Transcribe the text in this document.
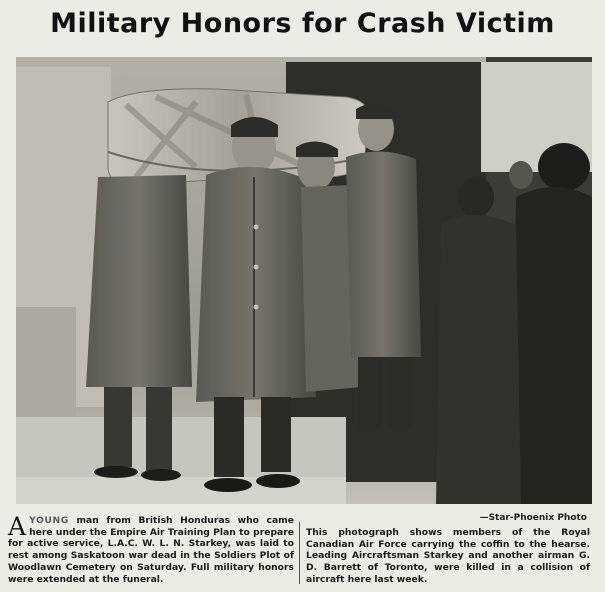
Military Honors for Crash Victim
—Star-Phoenix Photo
AYOUNG man from British Honduras who came here under the Empire Air Training Plan to prepare for active service, L.A.C. W. L. N. Starkey, was laid to rest among Saskatoon war dead in the Soldiers Plot of Woodlawn Cemetery on Saturday. Full military honors were extended at the funeral.
This photograph shows members of the Royal Canadian Air Force carrying the coffin to the hearse. Leading Aircraftsman Starkey and another airman G. D. Barrett of Toronto, were killed in a collision of aircraft here last week.
